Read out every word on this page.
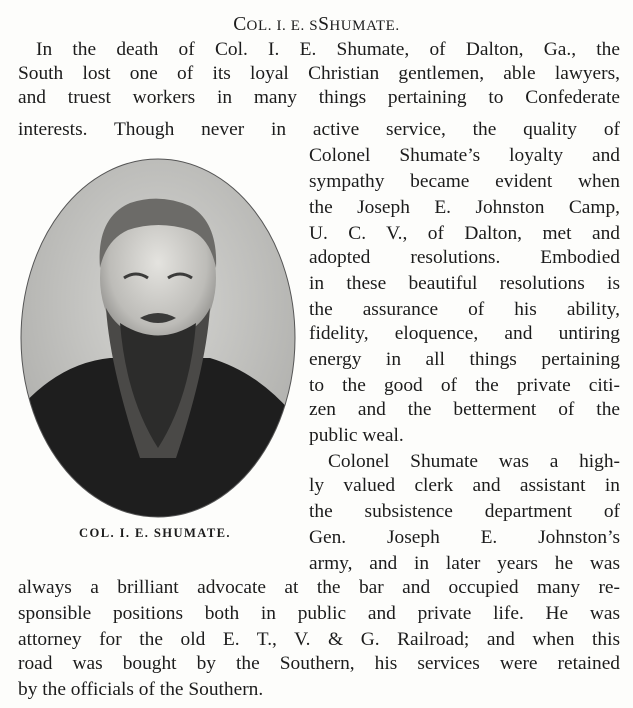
COL. I. E. SSHUMATE.
COL. I. E. SHUMATE.
In the death of Col. I. E. Shumate, of Dalton, Ga., the
South lost one of its loyal Christian gentlemen, able lawyers,
and truest workers in many things pertaining to Confederate
interests. Though never in active service, the quality of
Colonel Shumate’s loyalty and
sympathy became evident when
the Joseph E. Johnston Camp,
U. C. V., of Dalton, met and
adopted resolutions. Embodied
in these beautiful resolutions is
the assurance of his ability,
fidelity, eloquence, and untiring
energy in all things pertaining
to the good of the private citi-
zen and the betterment of the
public weal.
Colonel Shumate was a high-
ly valued clerk and assistant in
the subsistence department of
Gen. Joseph E. Johnston’s
army, and in later years he was
always a brilliant advocate at the bar and occupied many re-
sponsible positions both in public and private life. He was
attorney for the old E. T., V. & G. Railroad; and when this
road was bought by the Southern, his services were retained
by the officials of the Southern.
